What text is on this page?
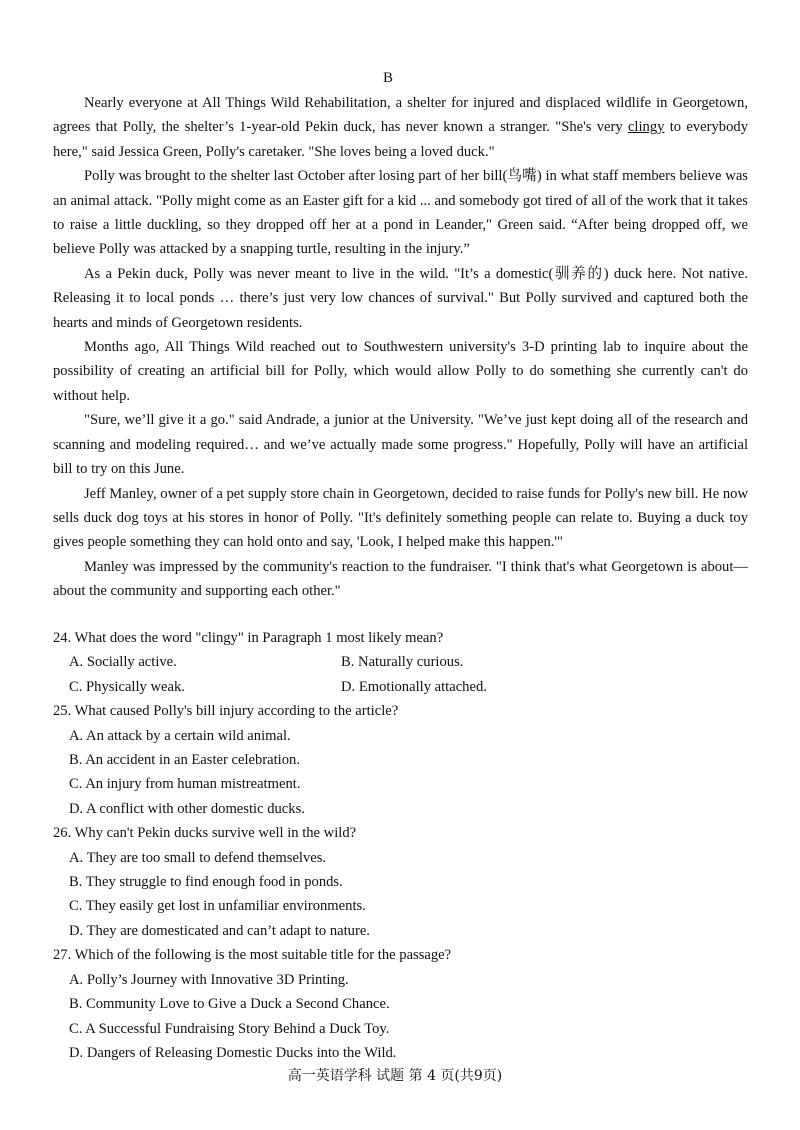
B

Nearly everyone at All Things Wild Rehabilitation, a shelter for injured and displaced wildlife in Georgetown, agrees that Polly, the shelter’s 1-year-old Pekin duck, has never known a stranger. "She's very clingy to everybody here," said Jessica Green, Polly's caretaker. "She loves being a loved duck."

Polly was brought to the shelter last October after losing part of her bill(鸟嘴) in what staff members believe was an animal attack. "Polly might come as an Easter gift for a kid ... and somebody got tired of all of the work that it takes to raise a little duckling, so they dropped off her at a pond in Leander," Green said. “After being dropped off, we believe Polly was attacked by a snapping turtle, resulting in the injury.”

As a Pekin duck, Polly was never meant to live in the wild. "It’s a domestic(驯养的) duck here. Not native. Releasing it to local ponds … there’s just very low chances of survival." But Polly survived and captured both the hearts and minds of Georgetown residents.

Months ago, All Things Wild reached out to Southwestern university's 3-D printing lab to inquire about the possibility of creating an artificial bill for Polly, which would allow Polly to do something she currently can't do without help.

"Sure, we’ll give it a go." said Andrade, a junior at the University. "We’ve just kept doing all of the research and scanning and modeling required… and we’ve actually made some progress." Hopefully, Polly will have an artificial bill to try on this June.

Jeff Manley, owner of a pet supply store chain in Georgetown, decided to raise funds for Polly's new bill. He now sells duck dog toys at his stores in honor of Polly. "It's definitely something people can relate to. Buying a duck toy gives people something they can hold onto and say, 'Look, I helped make this happen.'"

Manley was impressed by the community's reaction to the fundraiser. "I think that's what Georgetown is about—about the community and supporting each other."

24. What does the word "clingy" in Paragraph 1 most likely mean?

A. Socially active.	B. Naturally curious.
C. Physically weak.	D. Emotionally attached.

25. What caused Polly's bill injury according to the article?

A. An attack by a certain wild animal.

B. An accident in an Easter celebration.

C. An injury from human mistreatment.

D. A conflict with other domestic ducks.

26. Why can't Pekin ducks survive well in the wild?

A. They are too small to defend themselves.

B. They struggle to find enough food in ponds.

C. They easily get lost in unfamiliar environments.

D. They are domesticated and can’t adapt to nature.

27. Which of the following is the most suitable title for the passage?

A. Polly’s Journey with Innovative 3D Printing.

B. Community Love to Give a Duck a Second Chance.

C. A Successful Fundraising Story Behind a Duck Toy.

D. Dangers of Releasing Domestic Ducks into the Wild.

高一英语学科 试题 第 4 页(共9页)
